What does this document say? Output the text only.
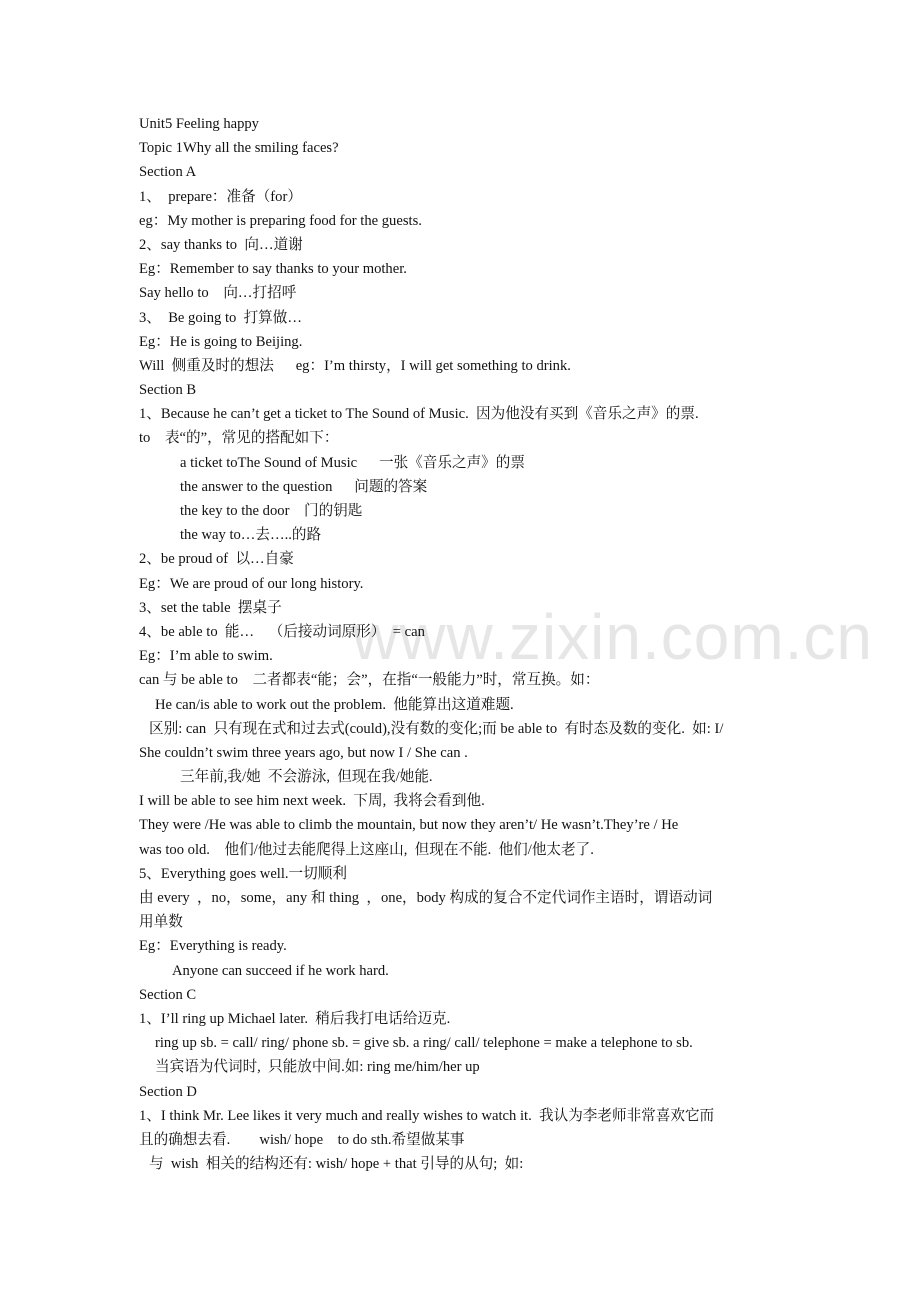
www.zixin.com.cn
Unit5 Feeling happy
Topic 1Why all the smiling faces?
Section A
1、  prepare：准备（for）
eg：My mother is preparing food for the guests.
2、say thanks to  向…道谢
Eg：Remember to say thanks to your mother.
Say hello to    向…打招呼
3、  Be going to  打算做…
Eg：He is going to Beijing.
Will  侧重及时的想法      eg：I’m thirsty，I will get something to drink.
Section B
1、Because he can’t get a ticket to The Sound of Music.  因为他没有买到《音乐之声》的票.
to    表“的”，常见的搭配如下：
a ticket toThe Sound of Music      一张《音乐之声》的票
the answer to the question      问题的答案
the key to the door    门的钥匙
the way to…去…..的路
2、be proud of  以…自豪
Eg：We are proud of our long history.
3、set the table  摆桌子
4、be able to  能…    （后接动词原形）  = can
Eg：I’m able to swim.
can 与 be able to    二者都表“能；会”，在指“一般能力”时，常互换。如：
He can/is able to work out the problem.  他能算出这道难题.
区别: can  只有现在式和过去式(could),没有数的变化;而 be able to  有时态及数的变化.  如: I/
She couldn’t swim three years ago, but now I / She can .
三年前,我/她  不会游泳,  但现在我/她能.
I will be able to see him next week.  下周,  我将会看到他.
They were /He was able to climb the mountain, but now they aren’t/ He wasn’t.They’re / He
was too old.    他们/他过去能爬得上这座山,  但现在不能.  他们/他太老了.
5、Everything goes well.一切顺利
由 every  ，no，some，any 和 thing  ，one，body 构成的复合不定代词作主语时，谓语动词
用单数
Eg：Everything is ready.
Anyone can succeed if he work hard.
Section C
1、I’ll ring up Michael later.  稍后我打电话给迈克.
ring up sb. = call/ ring/ phone sb. = give sb. a ring/ call/ telephone = make a telephone to sb.
当宾语为代词时,  只能放中间.如: ring me/him/her up
Section D
1、I think Mr. Lee likes it very much and really wishes to watch it.  我认为李老师非常喜欢它而
且的确想去看.        wish/ hope    to do sth.希望做某事
与  wish  相关的结构还有: wish/ hope + that 引导的从句;  如:
